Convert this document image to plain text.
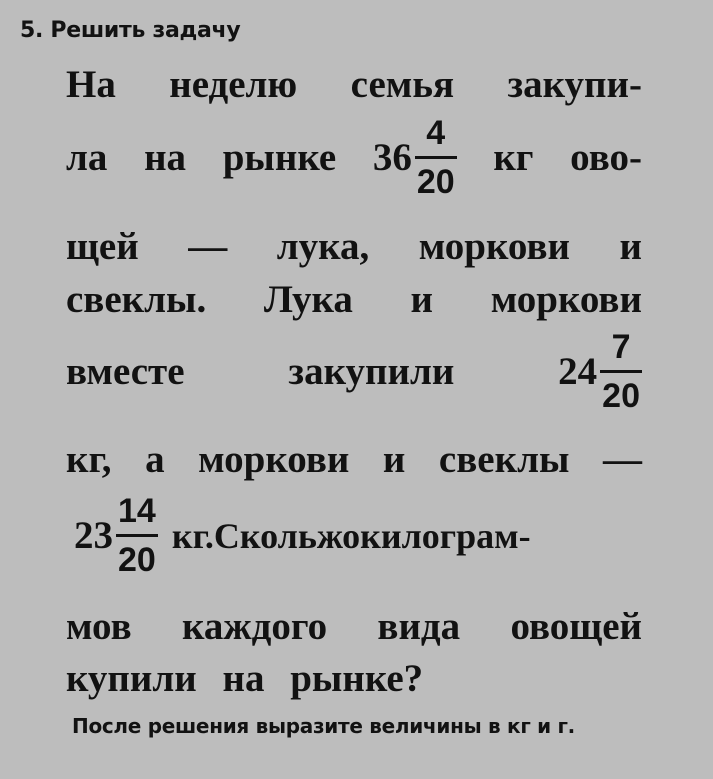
5. Решить задачу
На неделю семья закупи-
ла на рынке $36 \frac{4}{20}$ кг ово-
щей — лука, моркови и
свеклы. Лука и моркови
вместе	закупили	$24 \frac{7}{20}$
кг, а моркови и свеклы —
$23 \frac{14}{20}$ кг.Скольжокилограм-
мов каждого вида овощей
купили на рынке?
После решения выразите величины в кг и г.
